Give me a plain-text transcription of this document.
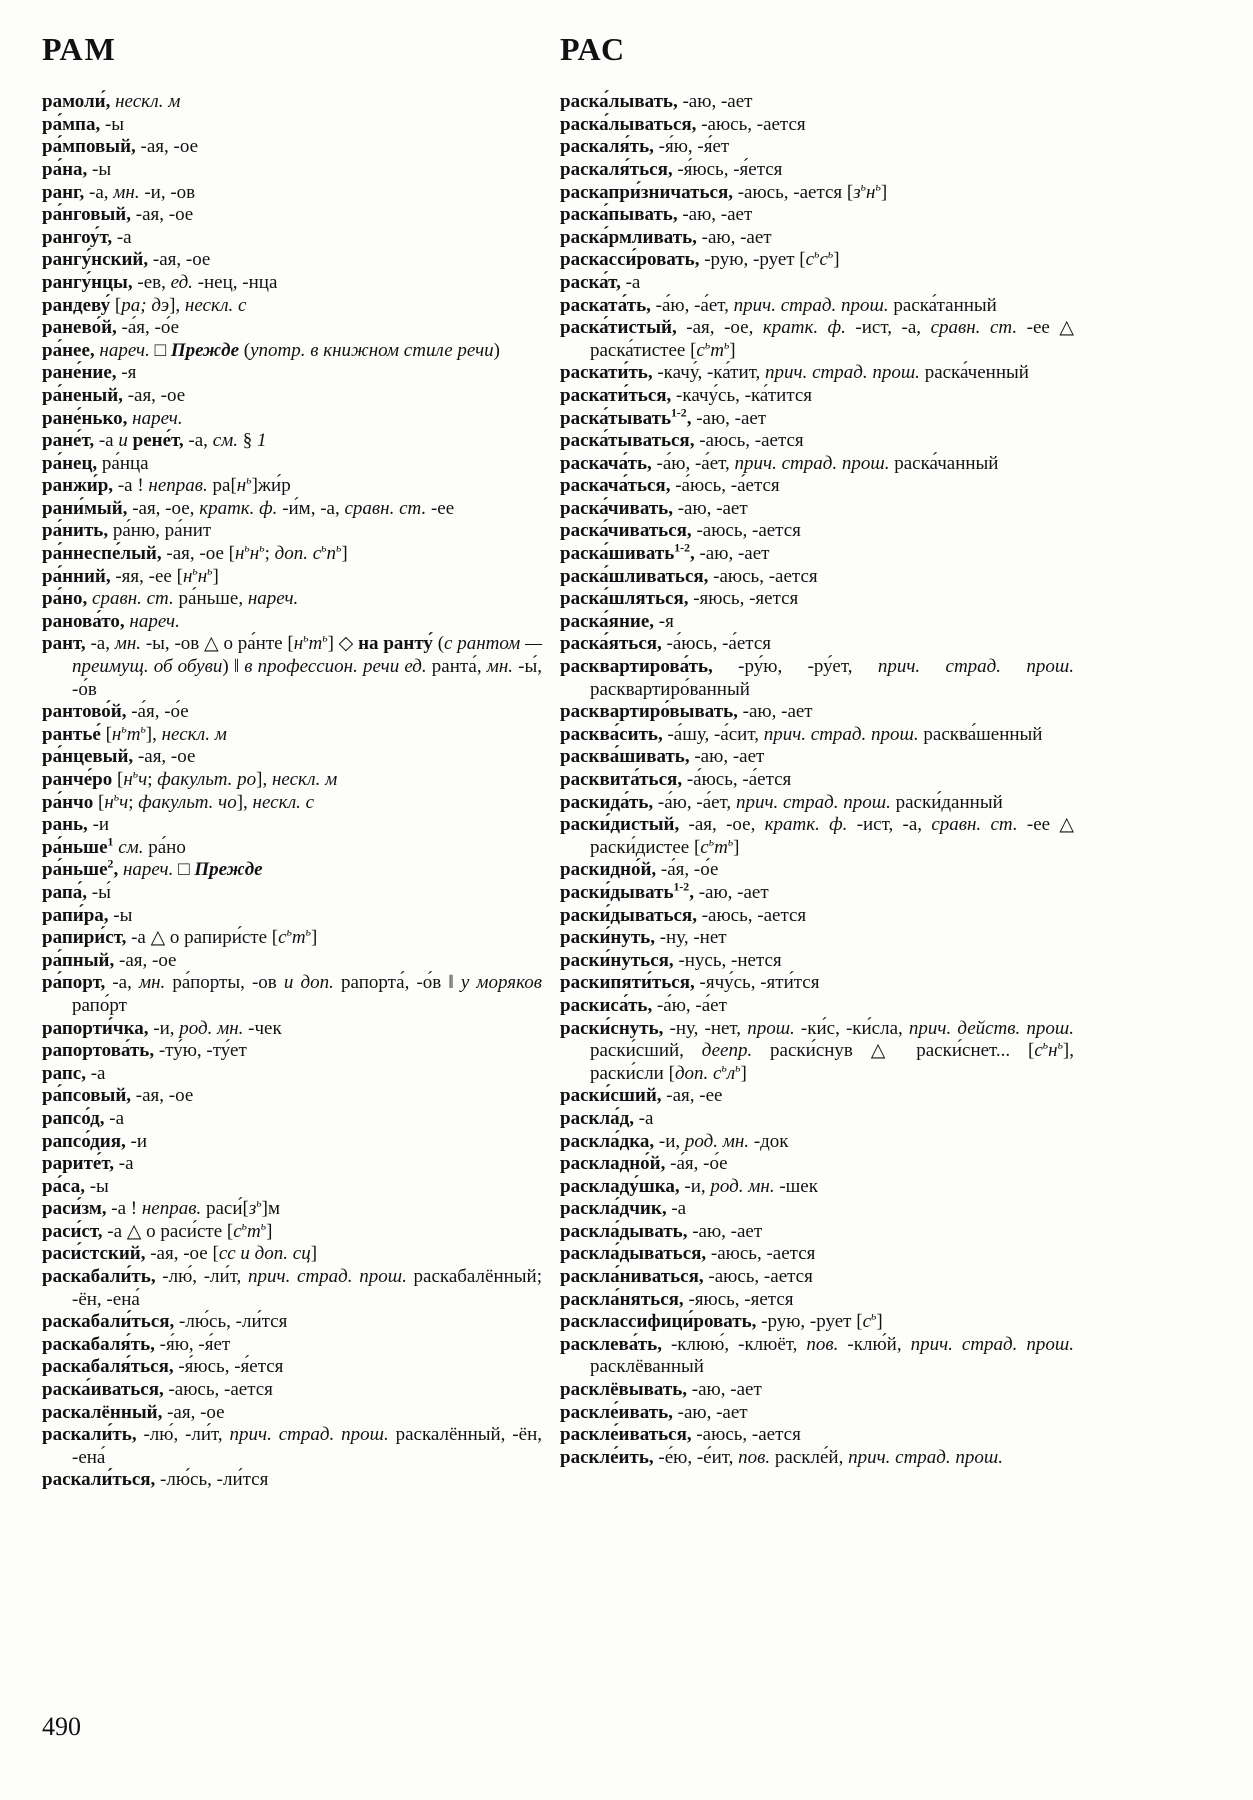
РАМ

рамоли́, нескл. м

ра́мпа, -ы

ра́мповый, -ая, -ое

ра́на, -ы

ранг, -а, мн. -и, -ов

ра́нговый, -ая, -ое

рангоу́т, -а

рангу́нский, -ая, -ое

рангу́нцы, -ев, ед. -нец, -нца

рандеву́ [ра; дэ], нескл. с

ранево́й, -а́я, -о́е

ра́нее, нареч. □ Прежде (употр. в книжном стиле речи)

ране́ние, -я

ра́неный, -ая, -ое

ране́нько, нареч.

ране́т, -а и рене́т, -а, см. § 1

ра́нец, ра́нца

ранжи́р, -а ! неправ. $ра[н^ь]жи́р$

рани́мый, -ая, -ое, кратк. ф. -и́м, -а, сравн. ст. -ее

ра́нить, ра́ню, ра́нит

ра́ннеспе́лый, -ая, -ое [$н^ьн^ь$; доп. $с^ьп^ь$]

ра́нний, -яя, -ее $[н^ьн^ь]$

ра́но, сравн. ст. ра́ньше, нареч.

ранова́то, нареч.

рант, -а, мн. -ы, -ов △ о ра́нте $[н^ьт^ь]$ ◇ на ранту́ (с рантом — преимущ. об обуви) ‖ в профессион. речи ед. ранта́, мн. -ы́, -о́в

рантово́й, -а́я, -о́е

рантье́ $[н^ьт^ь]$, нескл. м

ра́нцевый, -ая, -ое

ранче́ро [$н^ьч$; факульт. ро], нескл. м

ра́нчо [$н^ьч$; факульт. чо], нескл. с

рань, -и

ра́ньше$^1$ см. ра́но

ра́ньше$^2$, нареч. □ Прежде

рапа́, -ы́

рапи́ра, -ы

рапири́ст, -а △ о рапири́сте $[с^ьт^ь]$

ра́пный, -ая, -ое

ра́порт, -а, мн. ра́порты, -ов и доп. рапорта́, -о́в ‖ у моряков рапо́рт

рапорти́чка, -и, род. мн. -чек

рапортова́ть, -ту́ю, -ту́ет

рапс, -а

ра́псовый, -ая, -ое

рапсо́д, -а

рапсо́дия, -и

рарите́т, -а

ра́са, -ы

раси́зм, -а ! неправ. $раси́[з^ь]м$

раси́ст, -а △ о раси́сте $[с^ьт^ь]$

раси́стский, -ая, -ое [сс и доп. сц]

раскабали́ть, -лю́, -ли́т, прич. страд. прош. раскабалённый; -ён, -ена́

раскабали́ться, -лю́сь, -ли́тся

раскабаля́ть, -я́ю, -я́ет

раскабаля́ться, -я́юсь, -я́ется

раска́иваться, -аюсь, -ается

раскалённый, -ая, -ое

раскали́ть, -лю́, -ли́т, прич. страд. прош. раскалённый, -ён, -ена́

раскали́ться, -лю́сь, -ли́тся

РАС

раска́лывать, -аю, -ает

раска́лываться, -аюсь, -ается

раскаля́ть, -я́ю, -я́ет

раскаля́ться, -я́юсь, -я́ется

раскапри́зничаться, -аюсь, -ается $[з^ьн^ь]$

раска́пывать, -аю, -ает

раска́рмливать, -аю, -ает

раскасси́ровать, -рую, -рует $[с^ьс^ь]$

раска́т, -а

раската́ть, -а́ю, -а́ет, прич. страд. прош. раска́танный

раска́тистый, -ая, -ое, кратк. ф. -ист, -а, сравн. ст. -ее △ раска́тистее $[с^ьт^ь]$

раскати́ть, -качу́, -ка́тит, прич. страд. прош. раска́ченный

раскати́ться, -качу́сь, -ка́тится

раска́тывать$^{1-2}$, -аю, -ает

раска́тываться, -аюсь, -ается

раскача́ть, -а́ю, -а́ет, прич. страд. прош. раска́чанный

раскача́ться, -а́юсь, -а́ется

раска́чивать, -аю, -ает

раска́чиваться, -аюсь, -ается

раска́шивать$^{1-2}$, -аю, -ает

раска́шливаться, -аюсь, -ается

раска́шляться, -яюсь, -яется

раска́яние, -я

раска́яться, -а́юсь, -а́ется

расквартирова́ть, -ру́ю, -ру́ет, прич. страд. прош. расквартиро́ванный

расквартиро́вывать, -аю, -ает

расква́сить, -а́шу, -а́сит, прич. страд. прош. расква́шенный

расква́шивать, -аю, -ает

расквита́ться, -а́юсь, -а́ется

раскида́ть, -а́ю, -а́ет, прич. страд. прош. раски́данный

раски́дистый, -ая, -ое, кратк. ф. -ист, -а, сравн. ст. -ее △ раски́дистее $[с^ьт^ь]$

раскидно́й, -а́я, -о́е

раски́дывать$^{1-2}$, -аю, -ает

раски́дываться, -аюсь, -ается

раски́нуть, -ну, -нет

раски́нуться, -нусь, -нется

раскипяти́ться, -ячу́сь, -яти́тся

раскиса́ть, -а́ю, -а́ет

раски́снуть, -ну, -нет, прош. -ки́с, -ки́сла, прич. действ. прош. раски́сший, деепр. раски́снув △ раски́снет... $[с^ьн^ь]$, раски́сли [доп. $с^ьл^ь$]

раски́сший, -ая, -ее

раскла́д, -а

раскла́дка, -и, род. мн. -док

раскладно́й, -а́я, -о́е

раскладу́шка, -и, род. мн. -шек

раскла́дчик, -а

раскла́дывать, -аю, -ает

раскла́дываться, -аюсь, -ается

раскла́ниваться, -аюсь, -ается

раскла́няться, -яюсь, -яется

расклассифици́ровать, -рую, -рует $[с^ь]$

расклева́ть, -клюю́, -клюёт, пов. -клю́й, прич. страд. прош. расклёванный

расклёвывать, -аю, -ает

раскле́ивать, -аю, -ает

раскле́иваться, -аюсь, -ается

раскле́ить, -е́ю, -е́ит, пов. раскле́й, прич. страд. прош.

490
